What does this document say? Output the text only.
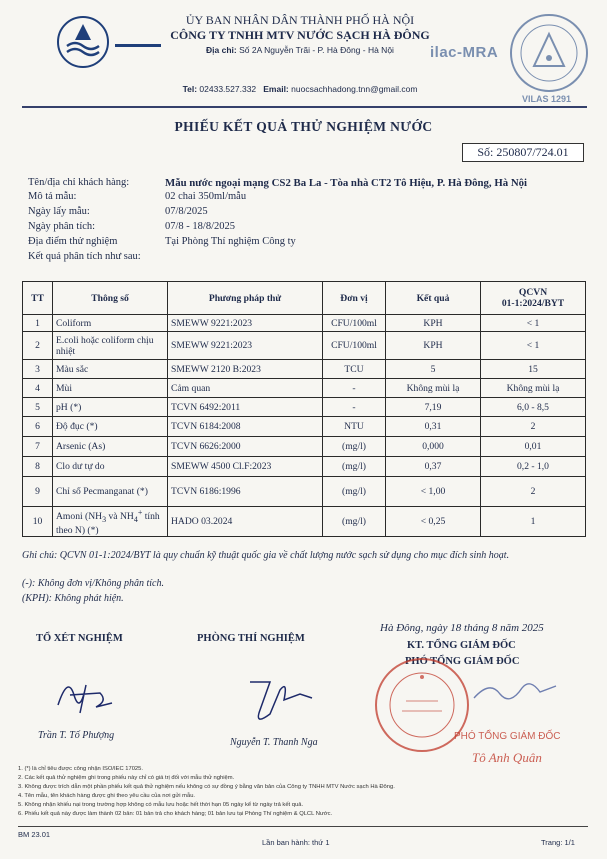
ỦY BAN NHÂN DÂN THÀNH PHỐ HÀ NỘI
CÔNG TY TNHH MTV NƯỚC SẠCH HÀ ĐÔNG
Địa chỉ: Số 2A Nguyễn Trãi - P. Hà Đông - Hà Nội
Tel: 02433.527.332 Email: nuocsachhadong.tnn@gmail.com
ilac-MRA
VILAS 1291
PHIẾU KẾT QUẢ THỬ NGHIỆM NƯỚC
Số: 250807/724.01
Tên/địa chỉ khách hàng:	Mẫu nước ngoại mạng CS2 Ba La - Tòa nhà CT2 Tô Hiệu, P. Hà Đông, Hà Nội
Mô tả mẫu:	02 chai 350ml/mẫu
Ngày lấy mẫu:	07/8/2025
Ngày phân tích:	07/8 - 18/8/2025
Địa điểm thử nghiệm	Tại Phòng Thí nghiệm Công ty
Kết quả phân tích như sau:
TT	Thông số	Phương pháp thử	Đơn vị	Kết quả	QCVN
01-1:2024/BYT

1	Coliform	SMEWW 9221:2023	CFU/100ml	KPH	< 1
2	E.coli hoặc coliform chịu nhiệt	SMEWW 9221:2023	CFU/100ml	KPH	< 1
3	Màu sắc	SMEWW 2120 B:2023	TCU	5	15
4	Mùi	Cảm quan	-	Không mùi lạ	Không mùi lạ
5	pH (*)	TCVN 6492:2011	-	7,19	6,0 - 8,5
6	Độ đục (*)	TCVN 6184:2008	NTU	0,31	2
7	Arsenic (As)	TCVN 6626:2000	(mg/l)	0,000	0,01
8	Clo dư tự do	SMEWW 4500 Cl.F:2023	(mg/l)	0,37	0,2 - 1,0
9	Chỉ số Pecmanganat (*)	TCVN 6186:1996	(mg/l)	< 1,00	2
10	Amoni ($NH_3$ và $NH_4^+$ tính theo N) (*)	HADO 03.2024	(mg/l)	< 0,25	1
Ghi chú: QCVN 01-1:2024/BYT là quy chuẩn kỹ thuật quốc gia về chất lượng nước sạch sử dụng cho mục đích sinh hoạt.
(-): Không đơn vị/Không phân tích.
(KPH): Không phát hiện.
Hà Đông, ngày 18 tháng 8 năm 2025
TỔ XÉT NGHIỆM	PHÒNG THÍ NGHIỆM
KT. TỔNG GIÁM ĐỐC
PHÓ TỔNG GIÁM ĐỐC
PHÓ TỔNG GIÁM ĐỐC
Tô Anh Quân
Trần T. Tố Phượng
Nguyễn T. Thanh Nga
1. (*) là chỉ tiêu được công nhận ISO/IEC 17025.
2. Các kết quả thử nghiệm ghi trong phiếu này chỉ có giá trị đối với mẫu thử nghiệm.
3. Không được trích dẫn một phần phiếu kết quả thử nghiệm nếu không có sự đồng ý bằng văn bản của Công ty TNHH MTV Nước sạch Hà Đông.
4. Tên mẫu, tên khách hàng được ghi theo yêu cầu của nơi gửi mẫu.
5. Không nhận khiếu nại trong trường hợp không có mẫu lưu hoặc hết thời hạn 05 ngày kể từ ngày trả kết quả.
6. Phiếu kết quả này được làm thành 02 bản: 01 bản trả cho khách hàng; 01 bản lưu tại Phòng Thí nghiệm & QLCL Nước.
BM 23.01
Lần ban hành: thứ 1	Trang: 1/1
